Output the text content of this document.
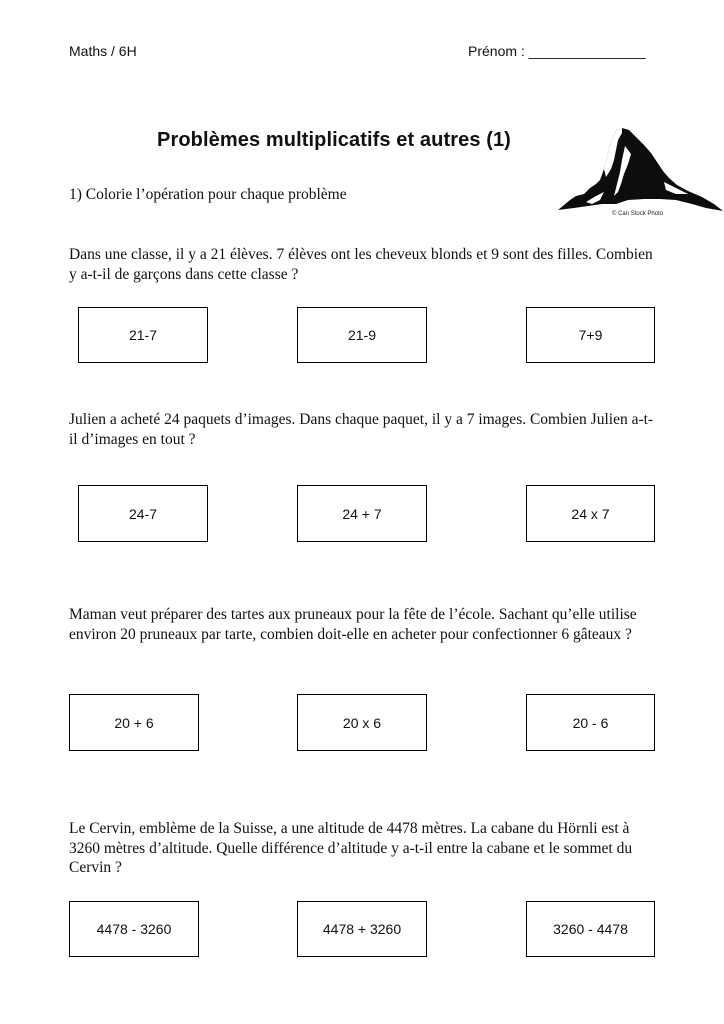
Maths / 6H	Prénom : _______________
Problèmes multiplicatifs et autres (1)
© Can Stock Photo
1) Colorie l’opération pour chaque problème
Dans une classe, il y a 21 élèves. 7 élèves ont les cheveux blonds et 9 sont des filles. Combien y a-t-il de garçons dans cette classe ?
21-7	21-9	7+9
Julien a acheté 24 paquets d’images. Dans chaque paquet, il y a 7 images. Combien Julien a-t-il d’images en tout ?
24-7	24 + 7	24 x 7
Maman veut préparer des tartes aux pruneaux pour la fête de l’école. Sachant qu’elle utilise environ 20 pruneaux par tarte, combien doit-elle en acheter pour confectionner 6 gâteaux ?
20 + 6	20 x 6	20 - 6
Le Cervin, emblème de la Suisse, a une altitude de 4478 mètres. La cabane du Hörnli est à 3260 mètres d’altitude. Quelle différence d’altitude y a-t-il entre la cabane et le sommet du Cervin ?
4478 - 3260	4478 + 3260	3260 - 4478
